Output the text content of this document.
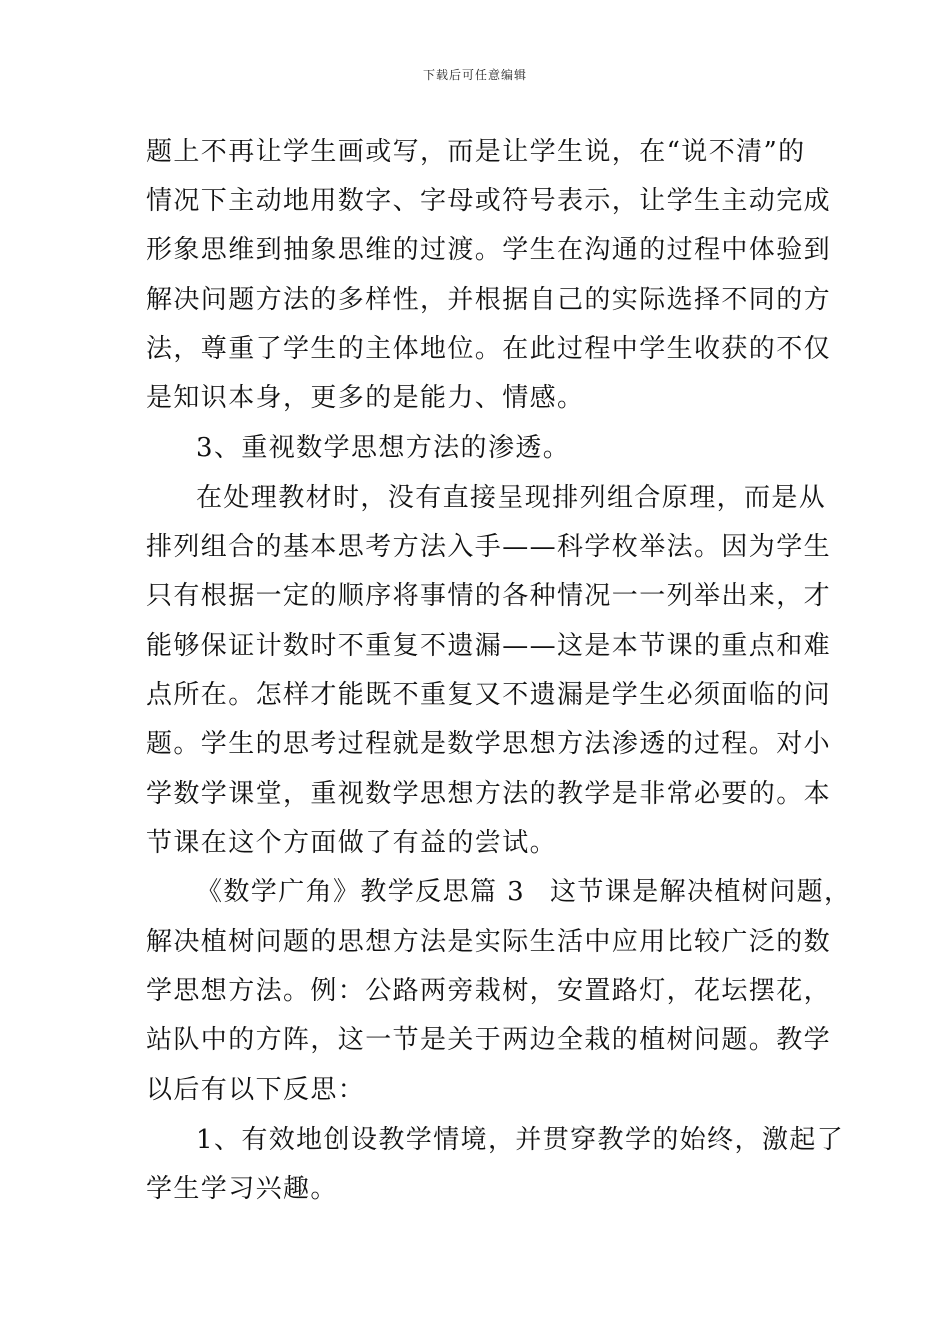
下载后可任意编辑
题上不再让学生画或写，而是让学生说，在“说不清”的
情况下主动地用数字、字母或符号表示，让学生主动完成
形象思维到抽象思维的过渡。学生在沟通的过程中体验到
解决问题方法的多样性，并根据自己的实际选择不同的方
法，尊重了学生的主体地位。在此过程中学生收获的不仅
是知识本身，更多的是能力、情感。
3、重视数学思想方法的渗透。
在处理教材时，没有直接呈现排列组合原理，而是从
排列组合的基本思考方法入手——科学枚举法。因为学生
只有根据一定的顺序将事情的各种情况一一列举出来，才
能够保证计数时不重复不遗漏——这是本节课的重点和难
点所在。怎样才能既不重复又不遗漏是学生必须面临的问
题。学生的思考过程就是数学思想方法渗透的过程。对小
学数学课堂，重视数学思想方法的教学是非常必要的。本
节课在这个方面做了有益的尝试。
《数学广角》教学反思篇 3 这节课是解决植树问题，
解决植树问题的思想方法是实际生活中应用比较广泛的数
学思想方法。例：公路两旁栽树，安置路灯，花坛摆花，
站队中的方阵，这一节是关于两边全栽的植树问题。教学
以后有以下反思：
1、有效地创设教学情境，并贯穿教学的始终，激起了
学生学习兴趣。
